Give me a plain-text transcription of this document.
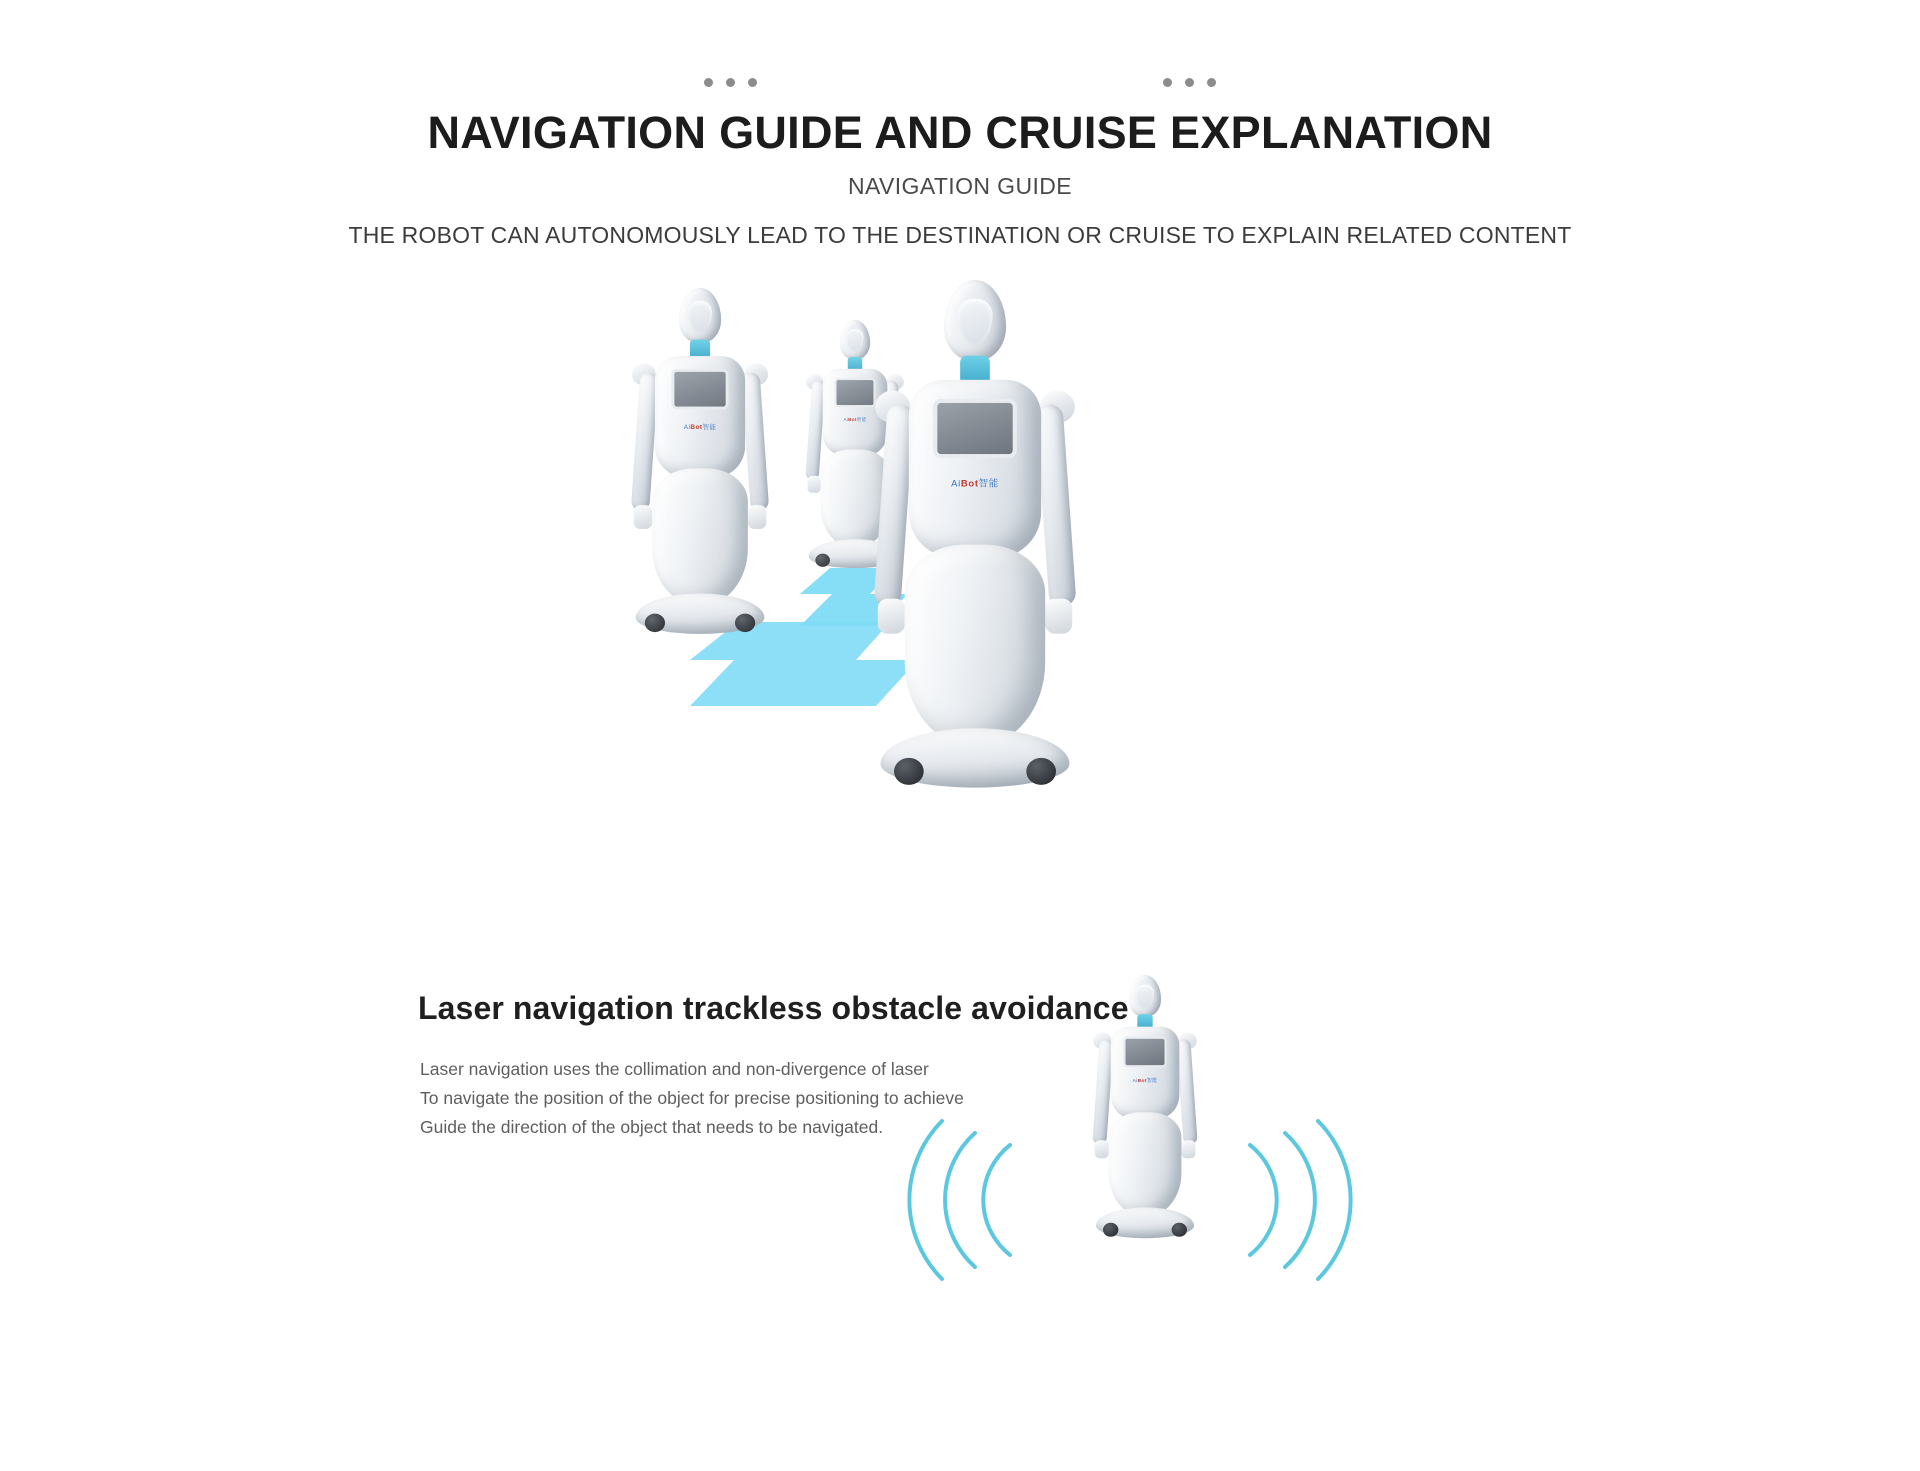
NAVIGATION GUIDE AND CRUISE EXPLANATION
NAVIGATION GUIDE
THE ROBOT CAN AUTONOMOUSLY LEAD TO THE DESTINATION OR CRUISE TO EXPLAIN RELATED CONTENT
AiBot智能
AiBot智能
AiBot智能
Laser navigation trackless obstacle avoidance
Laser navigation uses the collimation and non-divergence of laser
To navigate the position of the object for precise positioning to achieve
Guide the direction of the object that needs to be navigated.
AiBot智能
